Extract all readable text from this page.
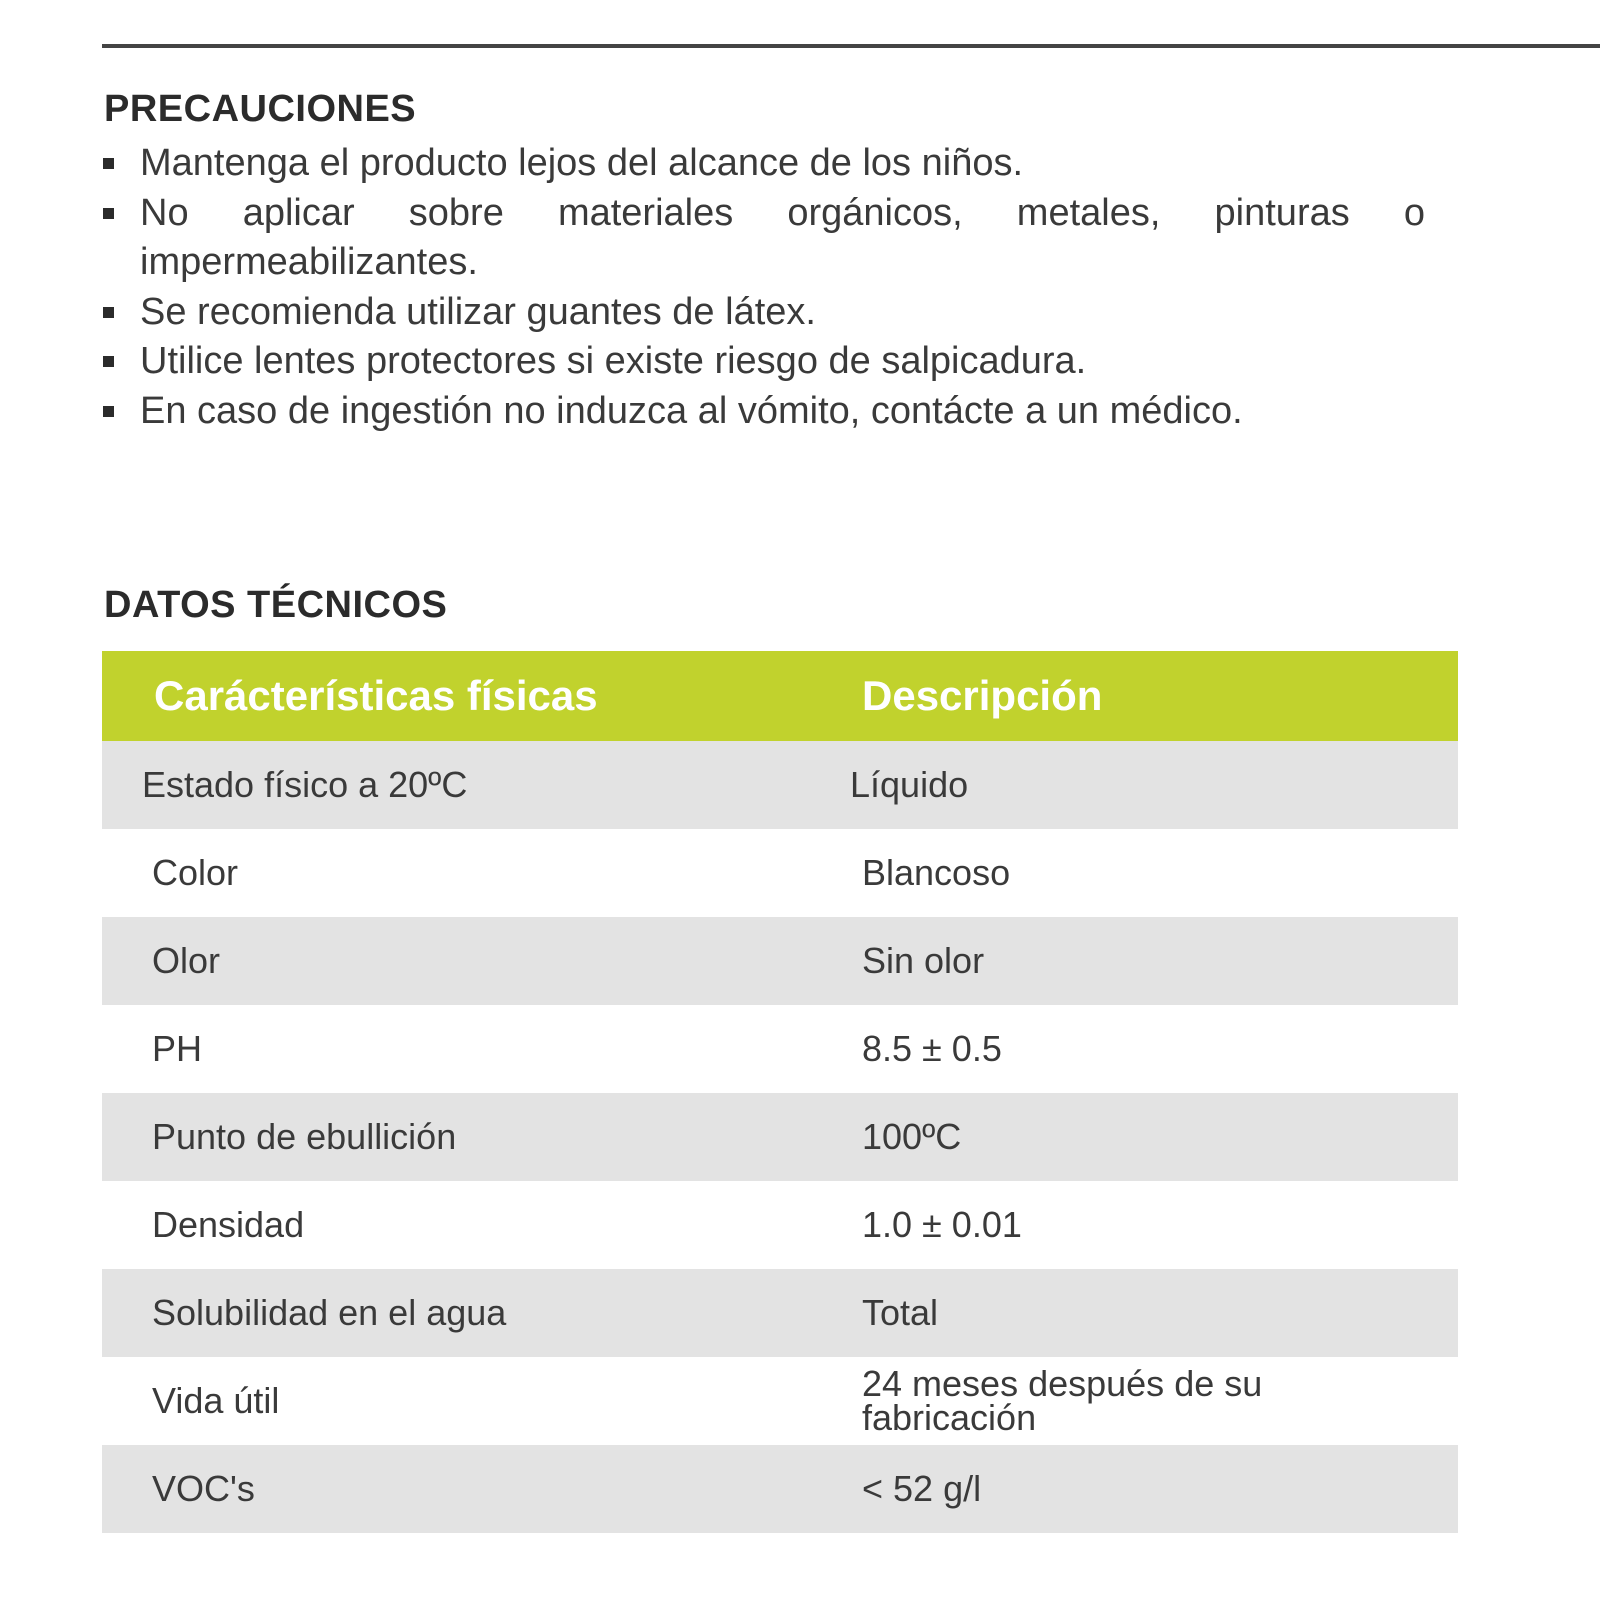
PRECAUCIONES
Mantenga el producto lejos del alcance de los niños.
No aplicar sobre materiales orgánicos, metales, pinturas o impermeabilizantes.
Se recomienda utilizar guantes de látex.
Utilice lentes protectores si existe riesgo de salpicadura.
En caso de ingestión no induzca al vómito, contácte a un médico.
DATOS TÉCNICOS
Carácterísticas físicas	Descripción
Estado físico a 20ºC	Líquido
Color	Blancoso
Olor	Sin olor
PH	8.5 ± 0.5
Punto de ebullición	100ºC
Densidad	1.0 ± 0.01
Solubilidad en el agua	Total
Vida útil	24 meses después de su fabricación
VOC's	< 52 g/l
